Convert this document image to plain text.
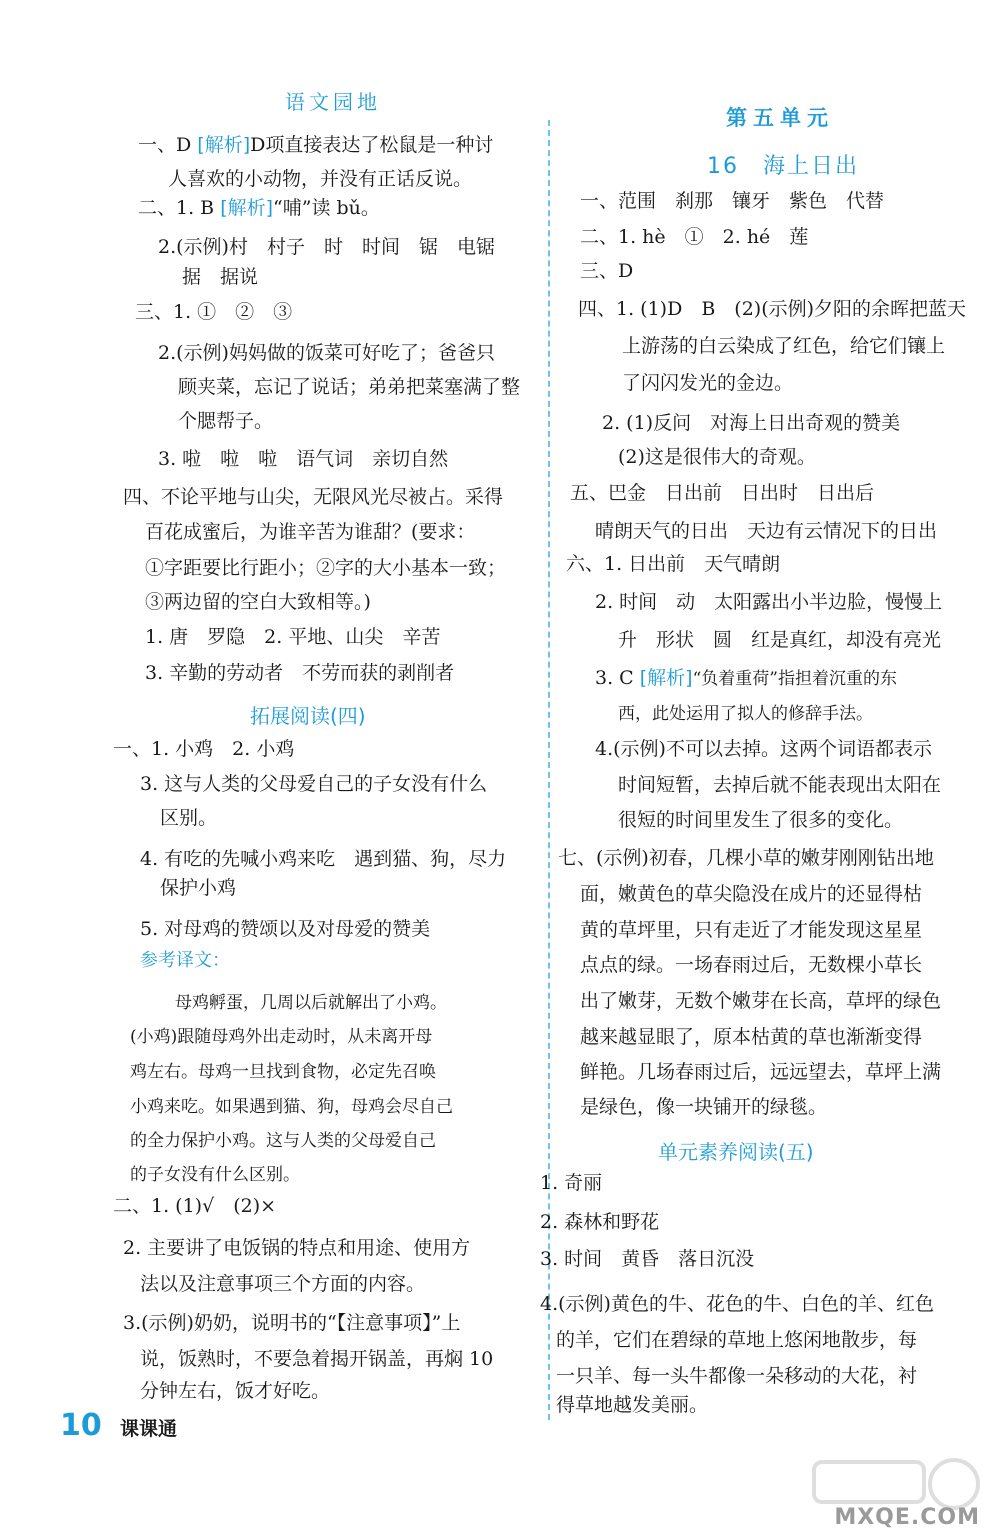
语文园地
一、D [解析]D项直接表达了松鼠是一种讨
人喜欢的小动物，并没有正话反说。
二、1. B [解析]“哺”读 bǔ。
2.(示例)村　村子　时　时间　锯　电锯
据　据说
三、1. ①　②　③
2.(示例)妈妈做的饭菜可好吃了；爸爸只
顾夹菜，忘记了说话；弟弟把菜塞满了整
个腮帮子。
3. 啦　啦　啦　语气词　亲切自然
四、不论平地与山尖，无限风光尽被占。采得
百花成蜜后，为谁辛苦为谁甜？(要求：
①字距要比行距小；②字的大小基本一致；
③两边留的空白大致相等。)
1. 唐　罗隐　2. 平地、山尖　辛苦
3. 辛勤的劳动者　不劳而获的剥削者
拓展阅读(四)
一、1. 小鸡　2. 小鸡
3. 这与人类的父母爱自己的子女没有什么
区别。
4. 有吃的先喊小鸡来吃　遇到猫、狗，尽力
保护小鸡
5. 对母鸡的赞颂以及对母爱的赞美
参考译文：
母鸡孵蛋，几周以后就解出了小鸡。
(小鸡)跟随母鸡外出走动时，从未离开母
鸡左右。母鸡一旦找到食物，必定先召唤
小鸡来吃。如果遇到猫、狗，母鸡会尽自己
的全力保护小鸡。这与人类的父母爱自己
的子女没有什么区别。
二、1. (1)√　(2)×
2. 主要讲了电饭锅的特点和用途、使用方
法以及注意事项三个方面的内容。
3.(示例)奶奶，说明书的“【注意事项】”上
说，饭熟时，不要急着揭开锅盖，再焖 10
分钟左右，饭才好吃。
第五单元
16　海上日出
一、范围　刹那　镶牙　紫色　代替
二、1. hè　①　2. hé　莲
三、D
四、1. (1)D　B　(2)(示例)夕阳的余晖把蓝天
上游荡的白云染成了红色，给它们镶上
了闪闪发光的金边。
2. (1)反问　对海上日出奇观的赞美
(2)这是很伟大的奇观。
五、巴金　日出前　日出时　日出后
晴朗天气的日出　天边有云情况下的日出
六、1. 日出前　天气晴朗
2. 时间　动　太阳露出小半边脸，慢慢上
升　形状　圆　红是真红，却没有亮光
3. C [解析]“负着重荷”指担着沉重的东
西，此处运用了拟人的修辞手法。
4.(示例)不可以去掉。这两个词语都表示
时间短暂，去掉后就不能表现出太阳在
很短的时间里发生了很多的变化。
七、(示例)初春，几棵小草的嫩芽刚刚钻出地
面，嫩黄色的草尖隐没在成片的还显得枯
黄的草坪里，只有走近了才能发现这星星
点点的绿。一场春雨过后，无数棵小草长
出了嫩芽，无数个嫩芽在长高，草坪的绿色
越来越显眼了，原本枯黄的草也渐渐变得
鲜艳。几场春雨过后，远远望去，草坪上满
是绿色，像一块铺开的绿毯。
单元素养阅读(五)
1. 奇丽
2. 森林和野花
3. 时间　黄昏　落日沉没
4.(示例)黄色的牛、花色的牛、白色的羊、红色
的羊，它们在碧绿的草地上悠闲地散步，每
一只羊、每一头牛都像一朵移动的大花，衬
得草地越发美丽。
10 课课通
MXQE.COM
